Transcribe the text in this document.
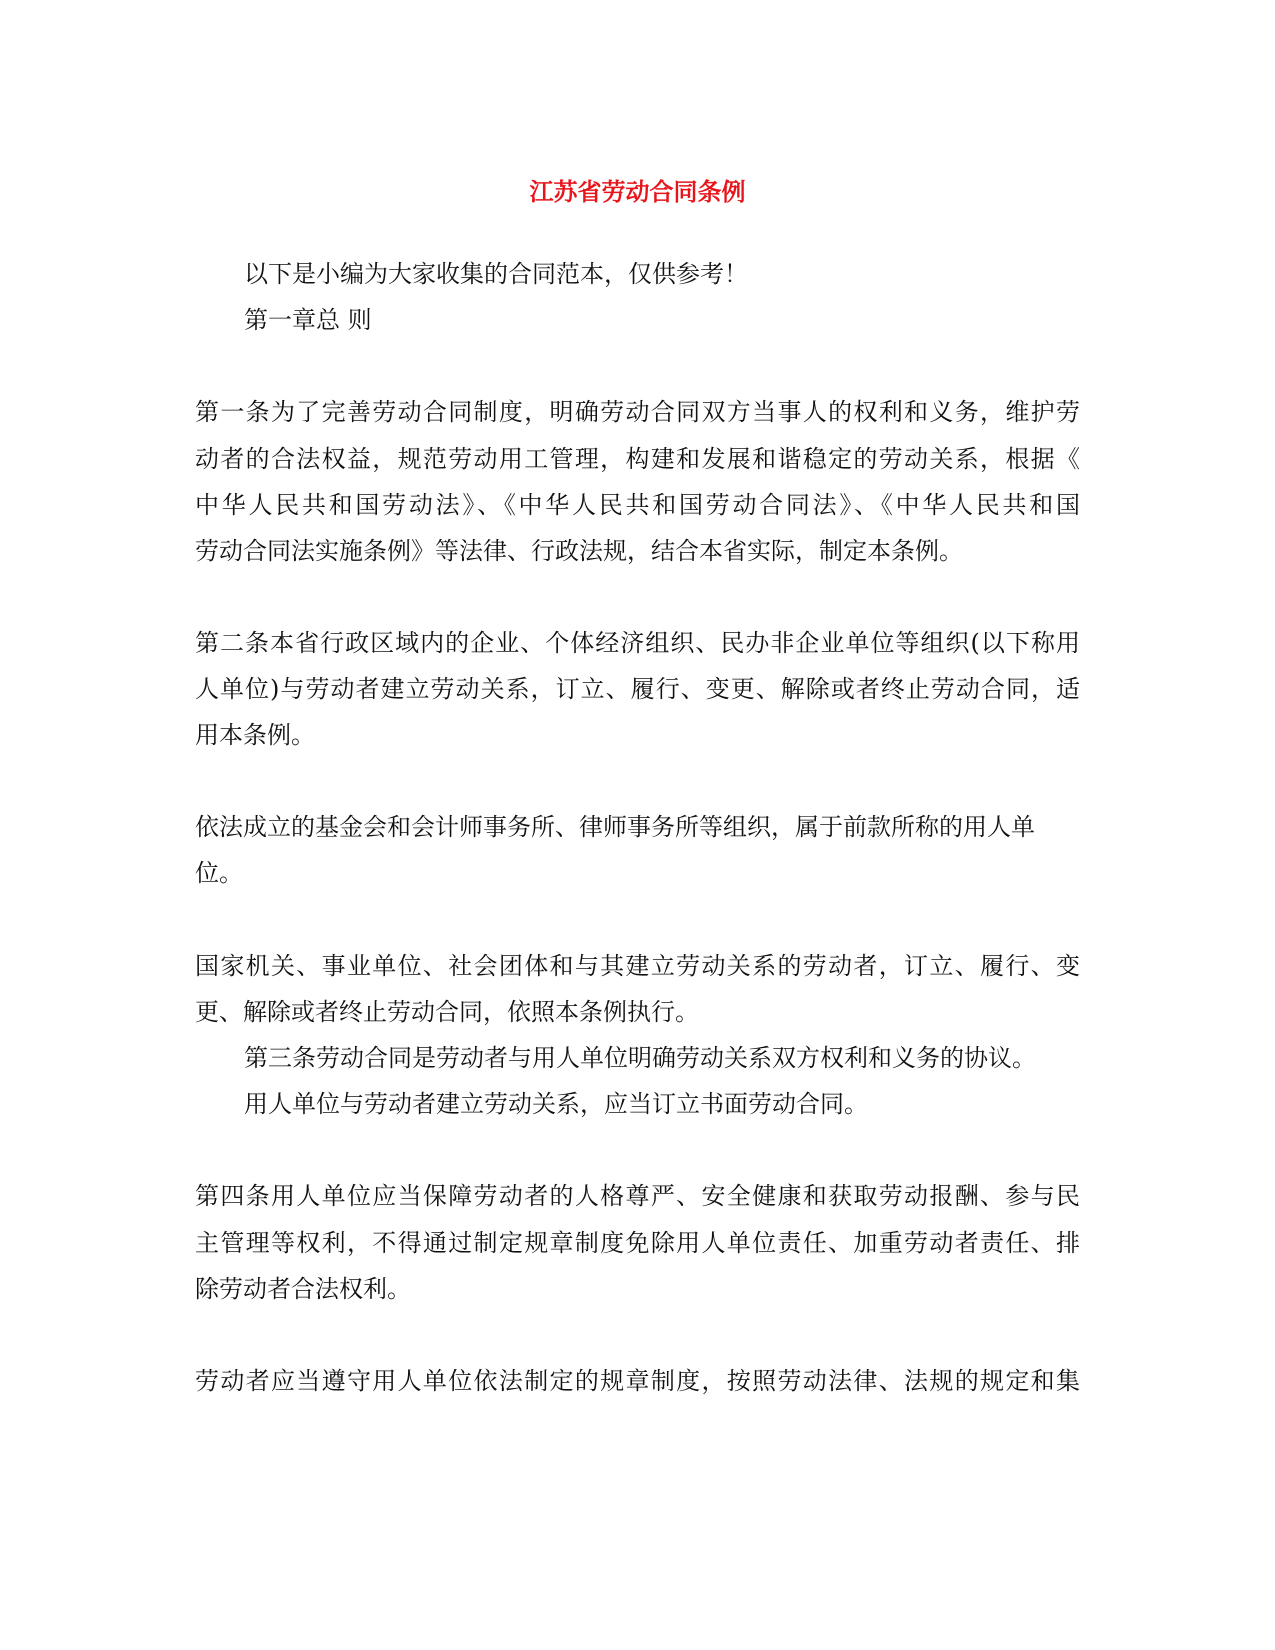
江苏省劳动合同条例
以下是小编为大家收集的合同范本，仅供参考！
第一章总 则
第一条为了完善劳动合同制度，明确劳动合同双方当事人的权利和义务，维护劳
动者的合法权益，规范劳动用工管理，构建和发展和谐稳定的劳动关系，根据《
中华人民共和国劳动法》、《中华人民共和国劳动合同法》、《中华人民共和国
劳动合同法实施条例》等法律、行政法规，结合本省实际，制定本条例。
第二条本省行政区域内的企业、个体经济组织、民办非企业单位等组织(以下称用
人单位)与劳动者建立劳动关系，订立、履行、变更、解除或者终止劳动合同，适
用本条例。
依法成立的基金会和会计师事务所、律师事务所等组织，属于前款所称的用人单
位。
国家机关、事业单位、社会团体和与其建立劳动关系的劳动者，订立、履行、变
更、解除或者终止劳动合同，依照本条例执行。
第三条劳动合同是劳动者与用人单位明确劳动关系双方权利和义务的协议。
用人单位与劳动者建立劳动关系，应当订立书面劳动合同。
第四条用人单位应当保障劳动者的人格尊严、安全健康和获取劳动报酬、参与民
主管理等权利，不得通过制定规章制度免除用人单位责任、加重劳动者责任、排
除劳动者合法权利。
劳动者应当遵守用人单位依法制定的规章制度，按照劳动法律、法规的规定和集
